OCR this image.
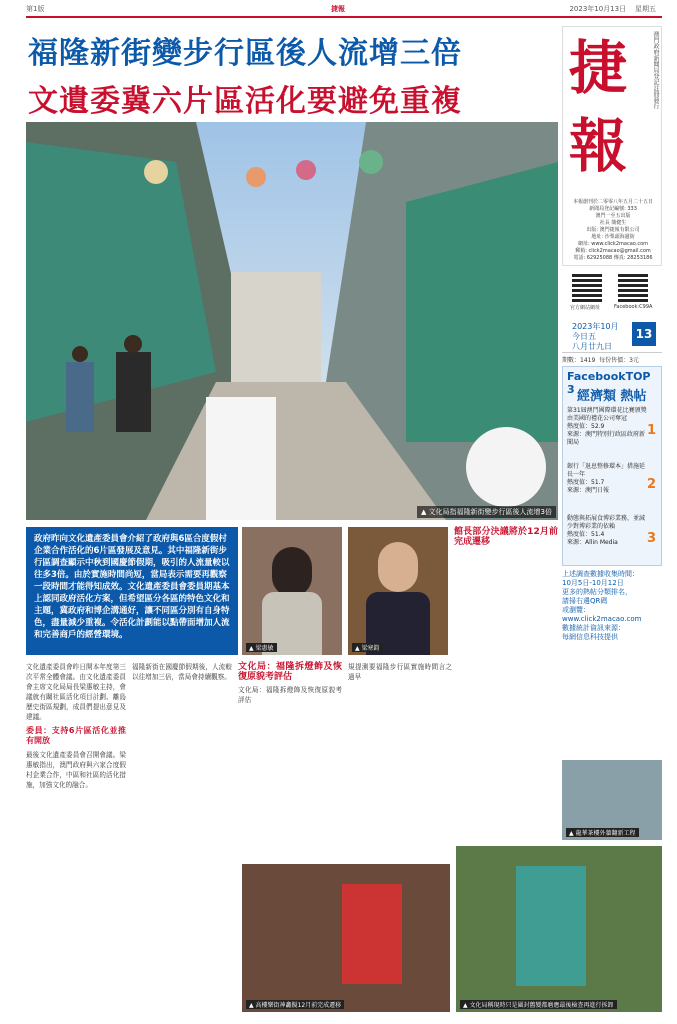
第1版	捷報	2023年10月13日 星期五
福隆新街變步行區後人流增三倍
文遺委冀六片區活化要避免重複
▲ 文化局指福隆新街變步行區後人流增3倍
捷
報
澳門政府新聞局登記註冊發行
本報創刊於二零零八年五月二十五日
新聞局登記編號: 333
澳門一至五出版
社長 簡健生
出版: 澳門捷報有限公司
地址: 沙梨頭海邊街
網址: www.click2macao.com
郵箱: click2macao@gmail.com
電話: 62925088 傳真: 28253186
官方網站網址	Facebook:C99A
2023年10月
今日五
八月廿九日
13
期數：1419 每份售價：3元
FacebookTOP 3 經濟類 熱帖
第31屆澳門國際環花比賽頒獎由美國的禮花公司奪冠
熱度值：52.9
來源：澳門特別行政區政府新聞局
1
銀行「退息整修環本」措施延長一年
熱度值：51.7
來源：澳門日報	2
動態與拓展食博彩業務，並減少對博彩業的依賴
熱度值：51.4
來源：Allin Media	3
上述調查數據收集時間：
10月5日-10月12日
更多的熱帖分類排名，
請掃右邊QR碼
或瀏覽：
www.click2macao.com
數據統計資訊來源：
每網信息科技提供
政府昨向文化遺產委員會介紹了政府與6區合度假村企業合作活化的6片區發展及意見。其中福隆新街步行區調查顯示中秋到國慶節假期，吸引的人流量較以往多3倍。由於實施時間尚短，當局表示需要再觀察一段時間才能得知成效。文化遺產委員會委員期基本上認同政府活化方案，但希望區分各區的特色文化和主題，冀政府和博企溝通好，讓不同區分別有自身特色，盡量減少重複。令活化計劃能以點帶面增加人流和完善商戶的經營環境。
▲ 梁惠敏	▲ 梁寒鈞
文化遺產委員會昨日開本年度第三次平常全體會議。由文化遺產委員會主席文化局局長梁惠敏主持，會議就有關社區活化項目計劃、離島歷史街區規劃，成員們提出意見及建議。
委員：支持6片區活化並推有開放
最後文化遺產委員會召開會議。梁惠敏指出，澳門政府與六家合度假村企業合作，中區和社區的活化措施，加強文化的融合。
福隆新街在國慶節假期後，人流較以往增加三倍，當局會持續觀察。
文化局：福隆拆燈飾及恢復原貌考評估
文化局：福隆拆燈飾及恢復原貌考評估
規提測要福隆步行區實施時間言之過早
館長部分決議將於12月前完成遷移
▲ 高樓樂街神龕擬12月前完成遷移
▲ 龍華茶樓外牆翻新工程
▲ 文化局稱現時只是圍封舊變都磨應最後檢查再進行拆卸
